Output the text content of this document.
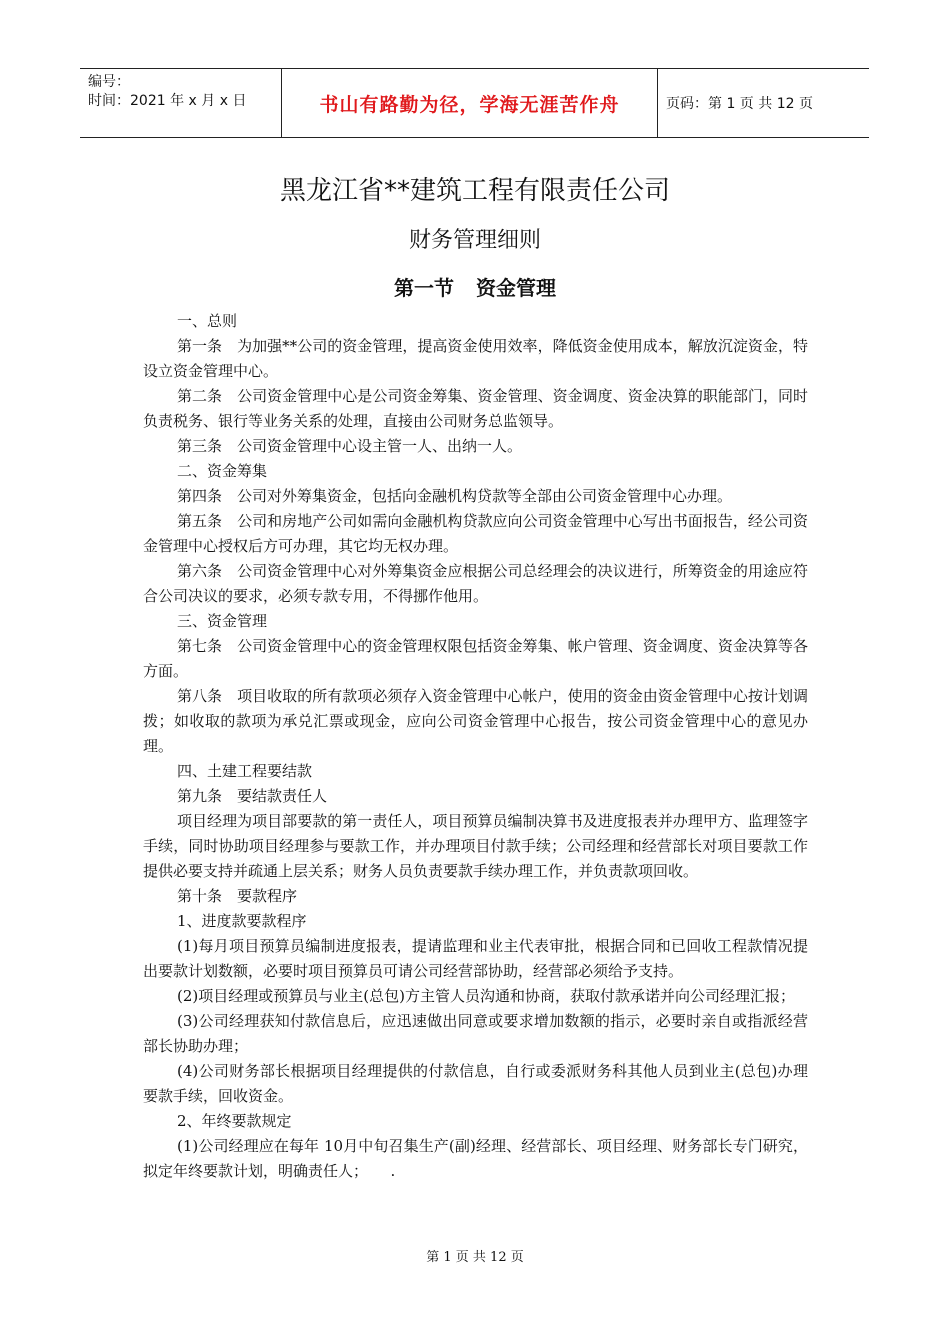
编号：
时间：2021 年 x 月 x 日	书山有路勤为径，学海无涯苦作舟	页码：第 1 页 共 12 页
黑龙江省**建筑工程有限责任公司
财务管理细则
第一节 资金管理

一、总则

第一条　为加强**公司的资金管理，提高资金使用效率，降低资金使用成本，解放沉淀资金，特设立资金管理中心。

第二条　公司资金管理中心是公司资金筹集、资金管理、资金调度、资金决算的职能部门，同时负责税务、银行等业务关系的处理，直接由公司财务总监领导。

第三条　公司资金管理中心设主管一人、出纳一人。

二、资金筹集

第四条　公司对外筹集资金，包括向金融机构贷款等全部由公司资金管理中心办理。

第五条　公司和房地产公司如需向金融机构贷款应向公司资金管理中心写出书面报告，经公司资金管理中心授权后方可办理，其它均无权办理。

第六条　公司资金管理中心对外筹集资金应根据公司总经理会的决议进行，所筹资金的用途应符合公司决议的要求，必须专款专用，不得挪作他用。

三、资金管理

第七条　公司资金管理中心的资金管理权限包括资金筹集、帐户管理、资金调度、资金决算等各方面。

第八条　项目收取的所有款项必须存入资金管理中心帐户，使用的资金由资金管理中心按计划调拨；如收取的款项为承兑汇票或现金，应向公司资金管理中心报告，按公司资金管理中心的意见办理。

四、土建工程要结款

第九条　要结款责任人

项目经理为项目部要款的第一责任人，项目预算员编制决算书及进度报表并办理甲方、监理签字手续，同时协助项目经理参与要款工作，并办理项目付款手续；公司经理和经营部长对项目要款工作提供必要支持并疏通上层关系；财务人员负责要款手续办理工作，并负责款项回收。

第十条　要款程序

1、进度款要款程序

(1)每月项目预算员编制进度报表，提请监理和业主代表审批，根据合同和已回收工程款情况提出要款计划数额，必要时项目预算员可请公司经营部协助，经营部必须给予支持。

(2)项目经理或预算员与业主(总包)方主管人员沟通和协商，获取付款承诺并向公司经理汇报；

(3)公司经理获知付款信息后，应迅速做出同意或要求增加数额的指示，必要时亲自或指派经营部长协助办理；

(4)公司财务部长根据项目经理提供的付款信息，自行或委派财务科其他人员到业主(总包)办理要款手续，回收资金。

2、年终要款规定

(1)公司经理应在每年 10月中旬召集生产(副)经理、经营部长、项目经理、财务部长专门研究，拟定年终要款计划，明确责任人；　　.

第 1 页 共 12 页
